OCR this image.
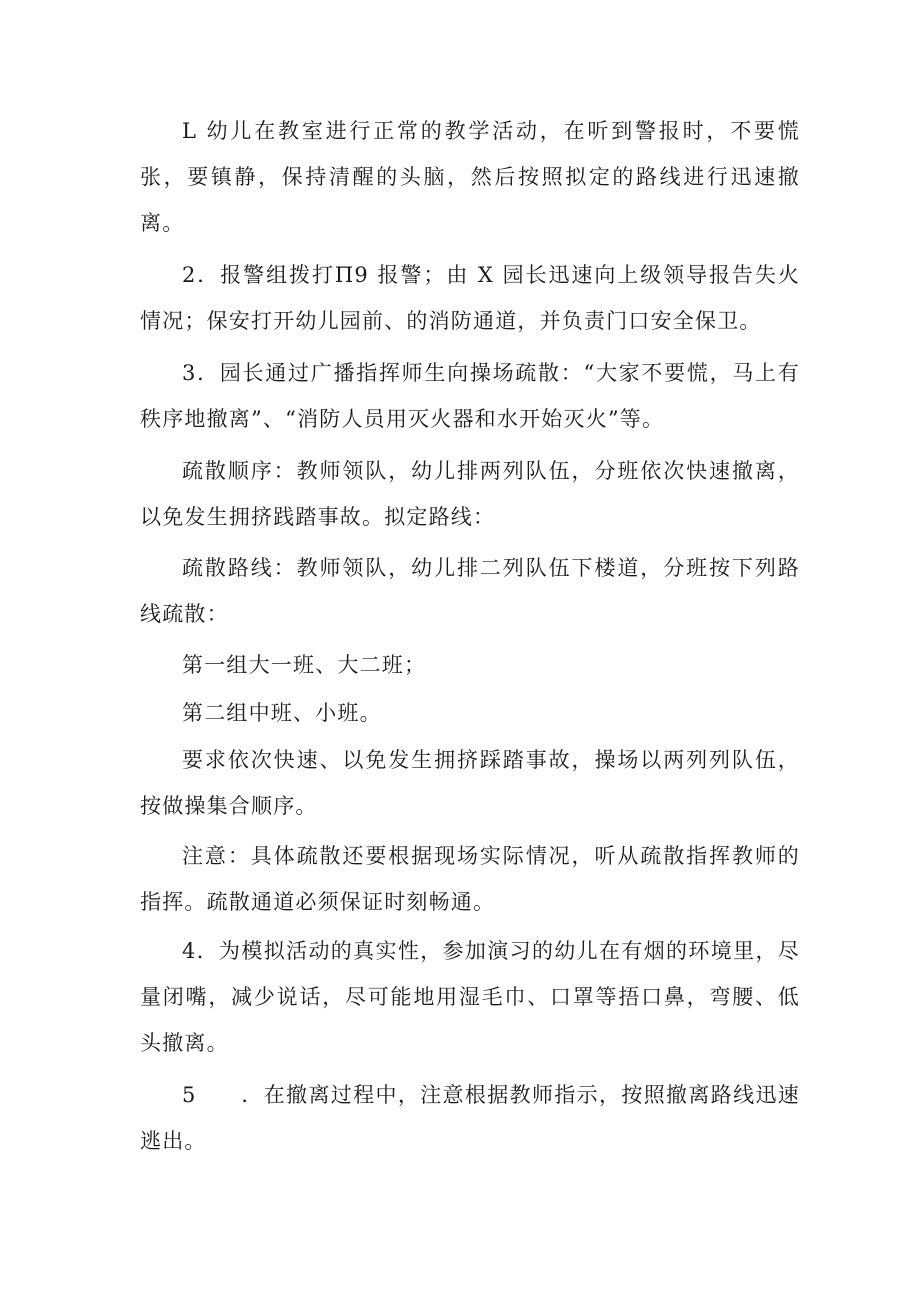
L 幼儿在教室进行正常的教学活动，在听到警报时，不要慌张，要镇静，保持清醒的头脑，然后按照拟定的路线进行迅速撤离。

2．报警组拨打Π9 报警；由 X 园长迅速向上级领导报告失火情况；保安打开幼儿园前、的消防通道，并负责门口安全保卫。

3．园长通过广播指挥师生向操场疏散：“大家不要慌，马上有秩序地撤离”、“消防人员用灭火器和水开始灭火”等。

疏散顺序：教师领队，幼儿排两列队伍，分班依次快速撤离，以免发生拥挤践踏事故。拟定路线：

疏散路线：教师领队，幼儿排二列队伍下楼道，分班按下列路线疏散：

第一组大一班、大二班；

第二组中班、小班。

要求依次快速、以免发生拥挤踩踏事故，操场以两列列队伍，按做操集合顺序。

注意：具体疏散还要根据现场实际情况，听从疏散指挥教师的指挥。疏散通道必须保证时刻畅通。

4．为模拟活动的真实性，参加演习的幼儿在有烟的环境里，尽量闭嘴，减少说话，尽可能地用湿毛巾、口罩等捂口鼻，弯腰、低头撤离。

5　　．在撤离过程中，注意根据教师指示，按照撤离路线迅速逃出。
